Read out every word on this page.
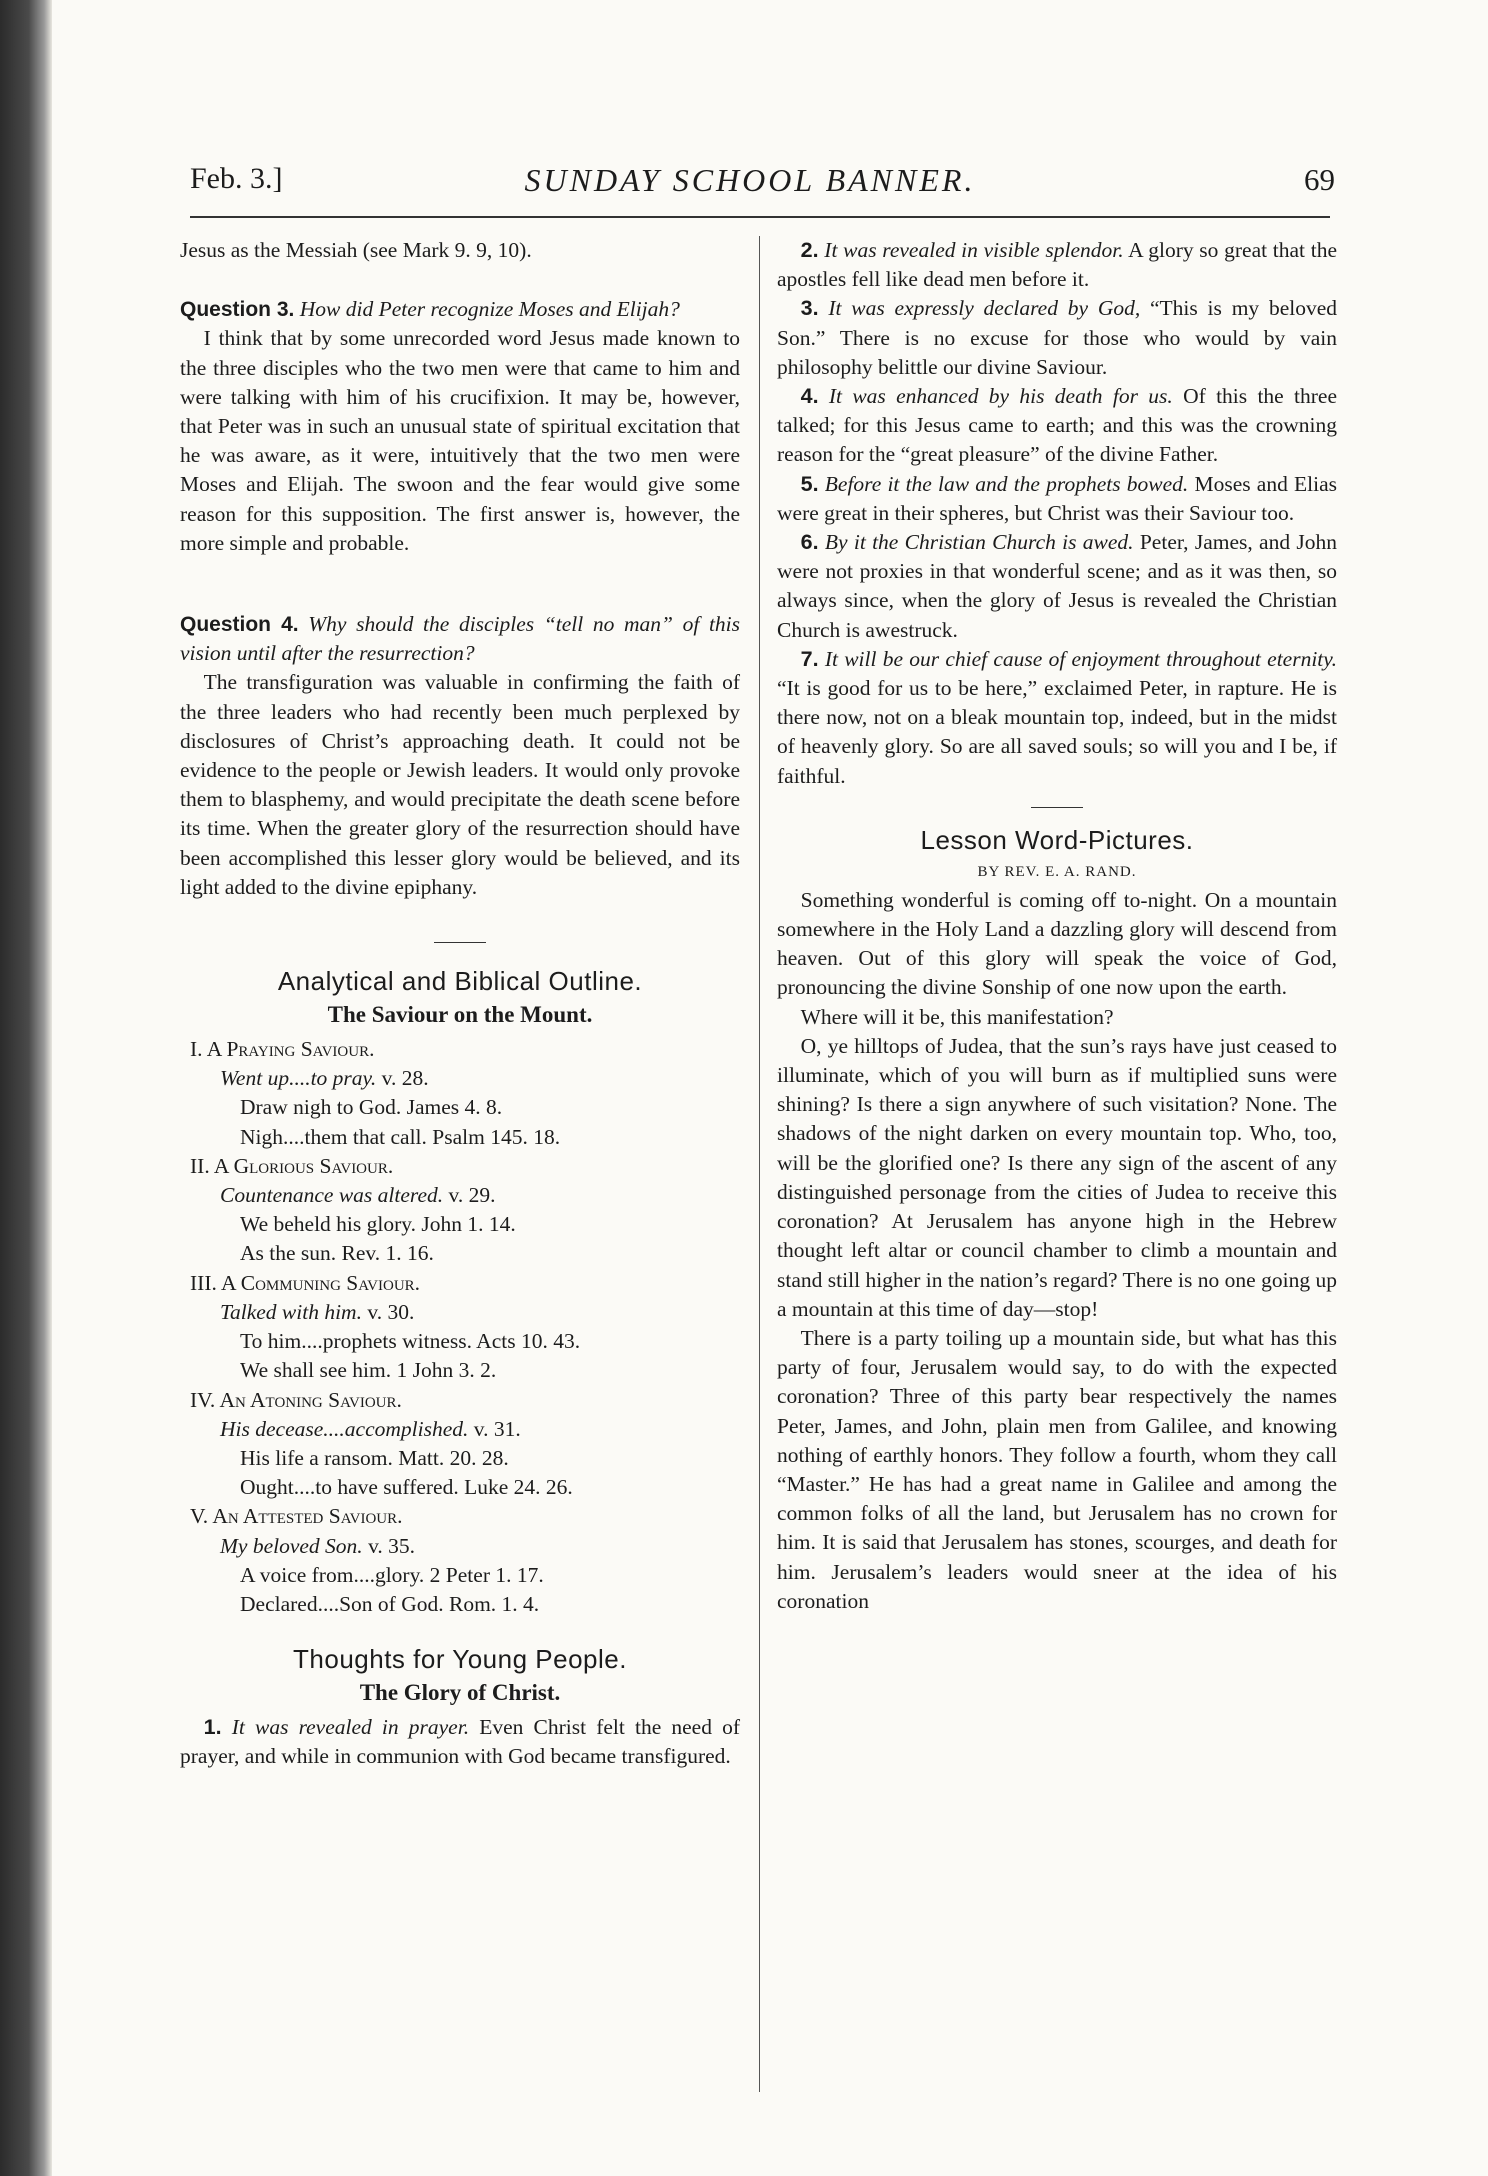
Feb. 3.]	SUNDAY SCHOOL BANNER.	69

Jesus as the Messiah (see Mark 9. 9, 10).

Question 3. How did Peter recognize Moses and Elijah?

I think that by some unrecorded word Jesus made known to the three disciples who the two men were that came to him and were talking with him of his crucifixion. It may be, however, that Peter was in such an unusual state of spiritual excitation that he was aware, as it were, intuitively that the two men were Moses and Elijah. The swoon and the fear would give some reason for this supposition. The first answer is, however, the more simple and probable.

Question 4. Why should the disciples “tell no man” of this vision until after the resurrection?

The transfiguration was valuable in confirming the faith of the three leaders who had recently been much perplexed by disclosures of Christ’s approaching death. It could not be evidence to the people or Jewish leaders. It would only provoke them to blasphemy, and would precipitate the death scene before its time. When the greater glory of the resurrection should have been accomplished this lesser glory would be believed, and its light added to the divine epiphany.

Analytical and Biblical Outline.
The Saviour on the Mount.
I. A Praying Saviour.
Went up....to pray. v. 28.
Draw nigh to God. James 4. 8.
Nigh....them that call. Psalm 145. 18.
II. A Glorious Saviour.
Countenance was altered. v. 29.
We beheld his glory. John 1. 14.
As the sun. Rev. 1. 16.
III. A Communing Saviour.
Talked with him. v. 30.
To him....prophets witness. Acts 10. 43.
We shall see him. 1 John 3. 2.
IV. An Atoning Saviour.
His decease....accomplished. v. 31.
His life a ransom. Matt. 20. 28.
Ought....to have suffered. Luke 24. 26.
V. An Attested Saviour.
My beloved Son. v. 35.
A voice from....glory. 2 Peter 1. 17.
Declared....Son of God. Rom. 1. 4.
Thoughts for Young People.
The Glory of Christ.

1. It was revealed in prayer. Even Christ felt the need of prayer, and while in communion with God became transfigured.

2. It was revealed in visible splendor. A glory so great that the apostles fell like dead men before it.

3. It was expressly declared by God, “This is my beloved Son.” There is no excuse for those who would by vain philosophy belittle our divine Saviour.

4. It was enhanced by his death for us. Of this the three talked; for this Jesus came to earth; and this was the crowning reason for the “great pleasure” of the divine Father.

5. Before it the law and the prophets bowed. Moses and Elias were great in their spheres, but Christ was their Saviour too.

6. By it the Christian Church is awed. Peter, James, and John were not proxies in that wonderful scene; and as it was then, so always since, when the glory of Jesus is revealed the Christian Church is awestruck.

7. It will be our chief cause of enjoyment throughout eternity. “It is good for us to be here,” exclaimed Peter, in rapture. He is there now, not on a bleak mountain top, indeed, but in the midst of heavenly glory. So are all saved souls; so will you and I be, if faithful.

Lesson Word-Pictures.
BY REV. E. A. RAND.

Something wonderful is coming off to-night. On a mountain somewhere in the Holy Land a dazzling glory will descend from heaven. Out of this glory will speak the voice of God, pronouncing the divine Sonship of one now upon the earth.

Where will it be, this manifestation?

O, ye hilltops of Judea, that the sun’s rays have just ceased to illuminate, which of you will burn as if multiplied suns were shining? Is there a sign anywhere of such visitation? None. The shadows of the night darken on every mountain top. Who, too, will be the glorified one? Is there any sign of the ascent of any distinguished personage from the cities of Judea to receive this coronation? At Jerusalem has anyone high in the Hebrew thought left altar or council chamber to climb a mountain and stand still higher in the nation’s regard? There is no one going up a mountain at this time of day—stop!

There is a party toiling up a mountain side, but what has this party of four, Jerusalem would say, to do with the expected coronation? Three of this party bear respectively the names Peter, James, and John, plain men from Galilee, and knowing nothing of earthly honors. They follow a fourth, whom they call “Master.” He has had a great name in Galilee and among the common folks of all the land, but Jerusalem has no crown for him. It is said that Jerusalem has stones, scourges, and death for him. Jerusalem’s leaders would sneer at the idea of his coronation
